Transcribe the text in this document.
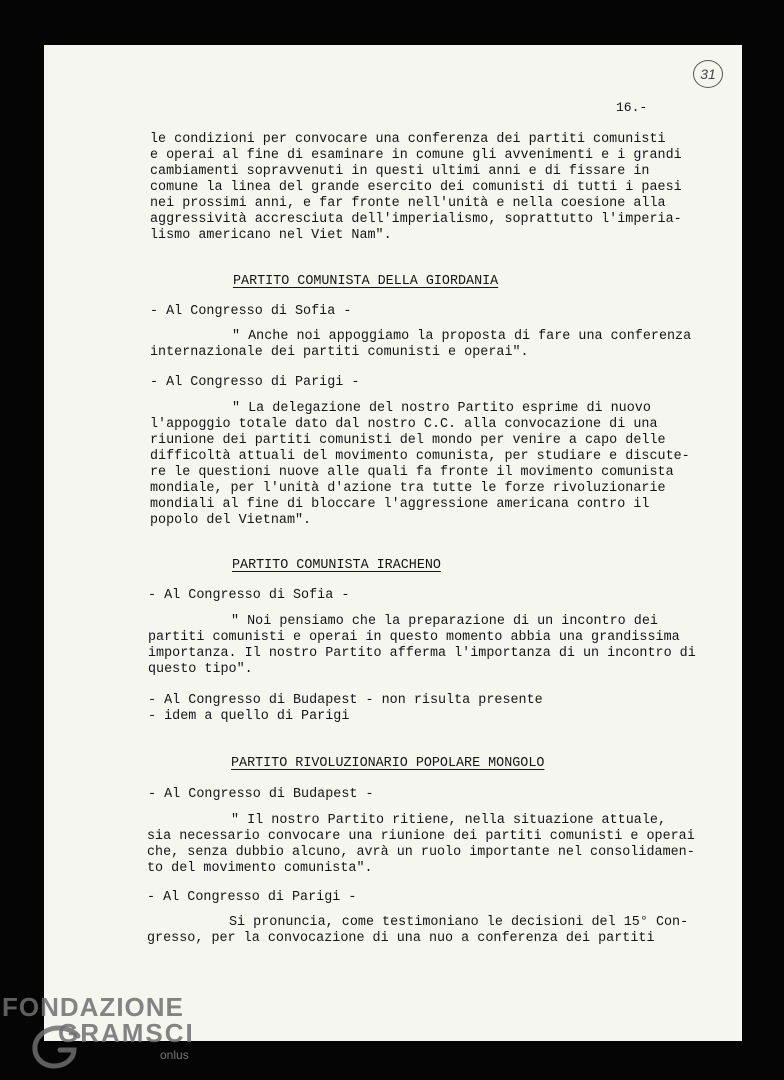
31
16.-
le condizioni per convocare una conferenza dei partiti comunisti
e operai al fine di esaminare in comune gli avvenimenti e i grandi
cambiamenti sopravvenuti in questi ultimi anni e di fissare in
comune la linea del grande esercito dei comunisti di tutti i paesi
nei prossimi anni, e far fronte nell'unità e nella coesione alla
aggressività accresciuta dell'imperialismo, soprattutto l'imperia-
lismo americano nel Viet Nam".
PARTITO COMUNISTA DELLA GIORDANIA
- Al Congresso di Sofia -
" Anche noi appoggiamo la proposta di fare una conferenza
internazionale dei partiti comunisti e operai".
- Al Congresso di Parigi -
" La delegazione del nostro Partito esprime di nuovo
l'appoggio totale dato dal nostro C.C. alla convocazione di una
riunione dei partiti comunisti del mondo per venire a capo delle
difficoltà attuali del movimento comunista, per studiare e discute-
re le questioni nuove alle quali fa fronte il movimento comunista
mondiale, per l'unità d'azione tra tutte le forze rivoluzionarie
mondiali al fine di bloccare l'aggressione americana contro il
popolo del Vietnam".
PARTITO COMUNISTA IRACHENO
- Al Congresso di Sofia -
" Noi pensiamo che la preparazione di un incontro dei
partiti comunisti e operai in questo momento abbia una grandissima
importanza. Il nostro Partito afferma l'importanza di un incontro di
questo tipo".
- Al Congresso di Budapest - non risulta presente
- idem a quello di Parigi
PARTITO RIVOLUZIONARIO POPOLARE MONGOLO
- Al Congresso di Budapest -
" Il nostro Partito ritiene, nella situazione attuale,
sia necessario convocare una riunione dei partiti comunisti e operai
che, senza dubbio alcuno, avrà un ruolo importante nel consolidamen-
to del movimento comunista".
- Al Congresso di Parigi -
Si pronuncia, come testimoniano le decisioni del 15° Con-
gresso, per la convocazione di una nuo a conferenza dei partiti
FONDAZIONE
GRAMSCI
onlus
